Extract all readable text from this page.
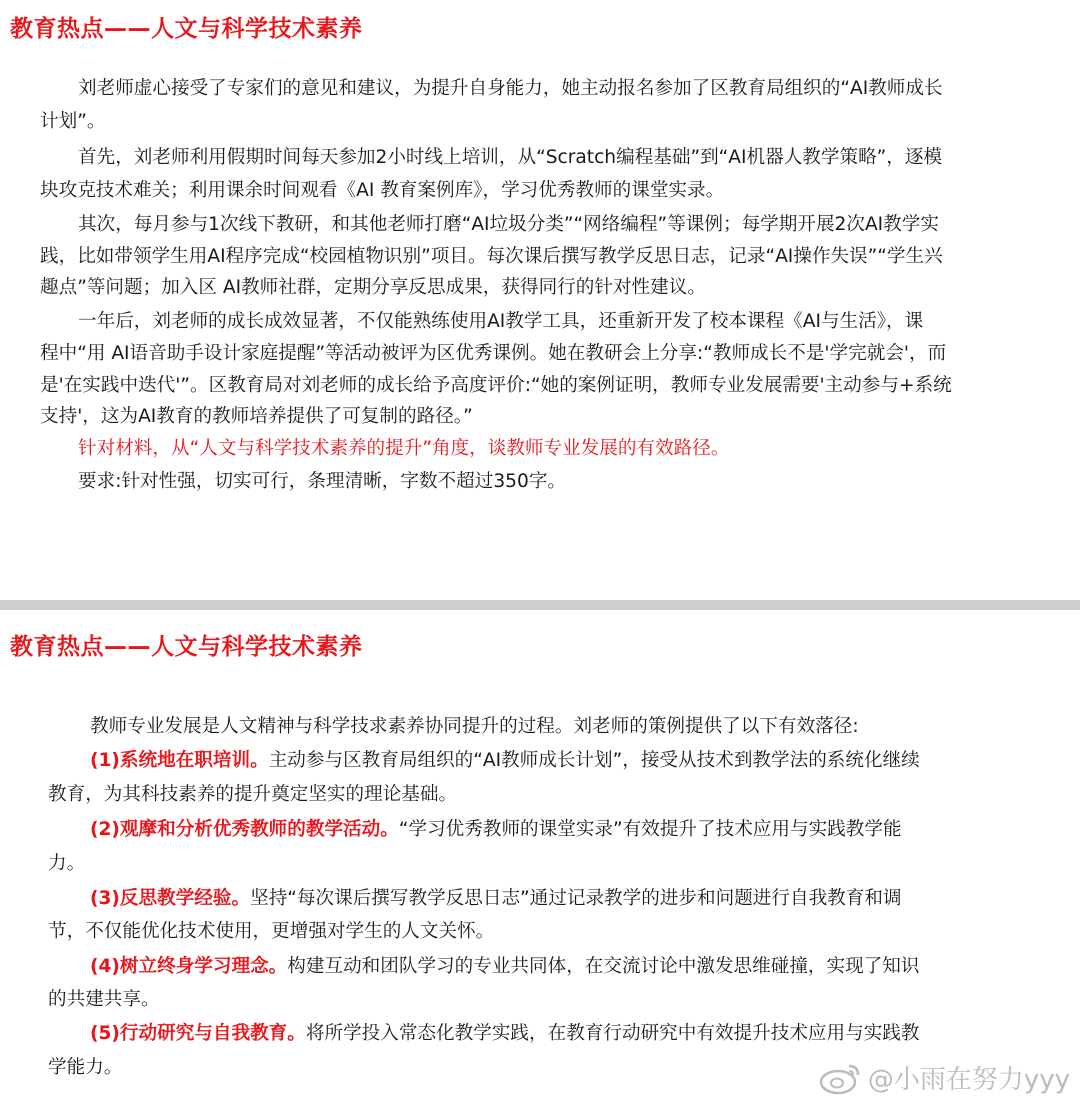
教育热点——人文与科学技术素养
刘老师虚心接受了专家们的意见和建议，为提升自身能力，她主动报名参加了区教育局组织的“AI教师成长
计划”。
首先，刘老师利用假期时间每天参加2小时线上培训，从“Scratch编程基础”到“AI机器人教学策略”，逐模
块攻克技术难关；利用课余时间观看《AI 教育案例库》，学习优秀教师的课堂实录。
其次，每月参与1次线下教研，和其他老师打磨“AI垃圾分类”“网络编程”等课例；每学期开展2次AI教学实
践，比如带领学生用AI程序完成“校园植物识别”项目。每次课后撰写教学反思日志，记录“AI操作失误”“学生兴
趣点”等问题；加入区 AI教师社群，定期分享反思成果，获得同行的针对性建议。
一年后，刘老师的成长成效显著，不仅能熟练使用AI教学工具，还重新开发了校本课程《AI与生活》，课
程中“用 AI语音助手设计家庭提醒”等活动被评为区优秀课例。她在教研会上分享:“教师成长不是'学完就会'，而
是'在实践中迭代'”。区教育局对刘老师的成长给予高度评价:“她的案例证明，教师专业发展需要'主动参与+系统
支持'，这为AI教育的教师培养提供了可复制的路径。”
针对材料，从“人文与科学技术素养的提升”角度，谈教师专业发展的有效路径。
要求:针对性强，切实可行，条理清晰，字数不超过350字。
教育热点——人文与科学技术素养
教师专业发展是人文精神与科学技求素养协同提升的过程。刘老师的策例提供了以下有效落径:
(1)系统地在职培训。主动参与区教育局组织的“AI教师成长计划”，接受从技术到教学法的系统化继续
教育，为其科技素养的提升奠定坚实的理论基础。
(2)观摩和分析优秀教师的教学活动。“学习优秀教师的课堂实录”有效提升了技术应用与实践教学能
力。
(3)反思教学经验。坚持“每次课后撰写教学反思日志”通过记录教学的进步和问题进行自我教育和调
节，不仅能优化技术使用，更增强对学生的人文关怀。
(4)树立终身学习理念。构建互动和团队学习的专业共同体，在交流讨论中激发思维碰撞，实现了知识
的共建共享。
(5)行动研究与自我教育。将所学投入常态化教学实践，在教育行动研究中有效提升技术应用与实践教
学能力。	@小雨在努力yyy
